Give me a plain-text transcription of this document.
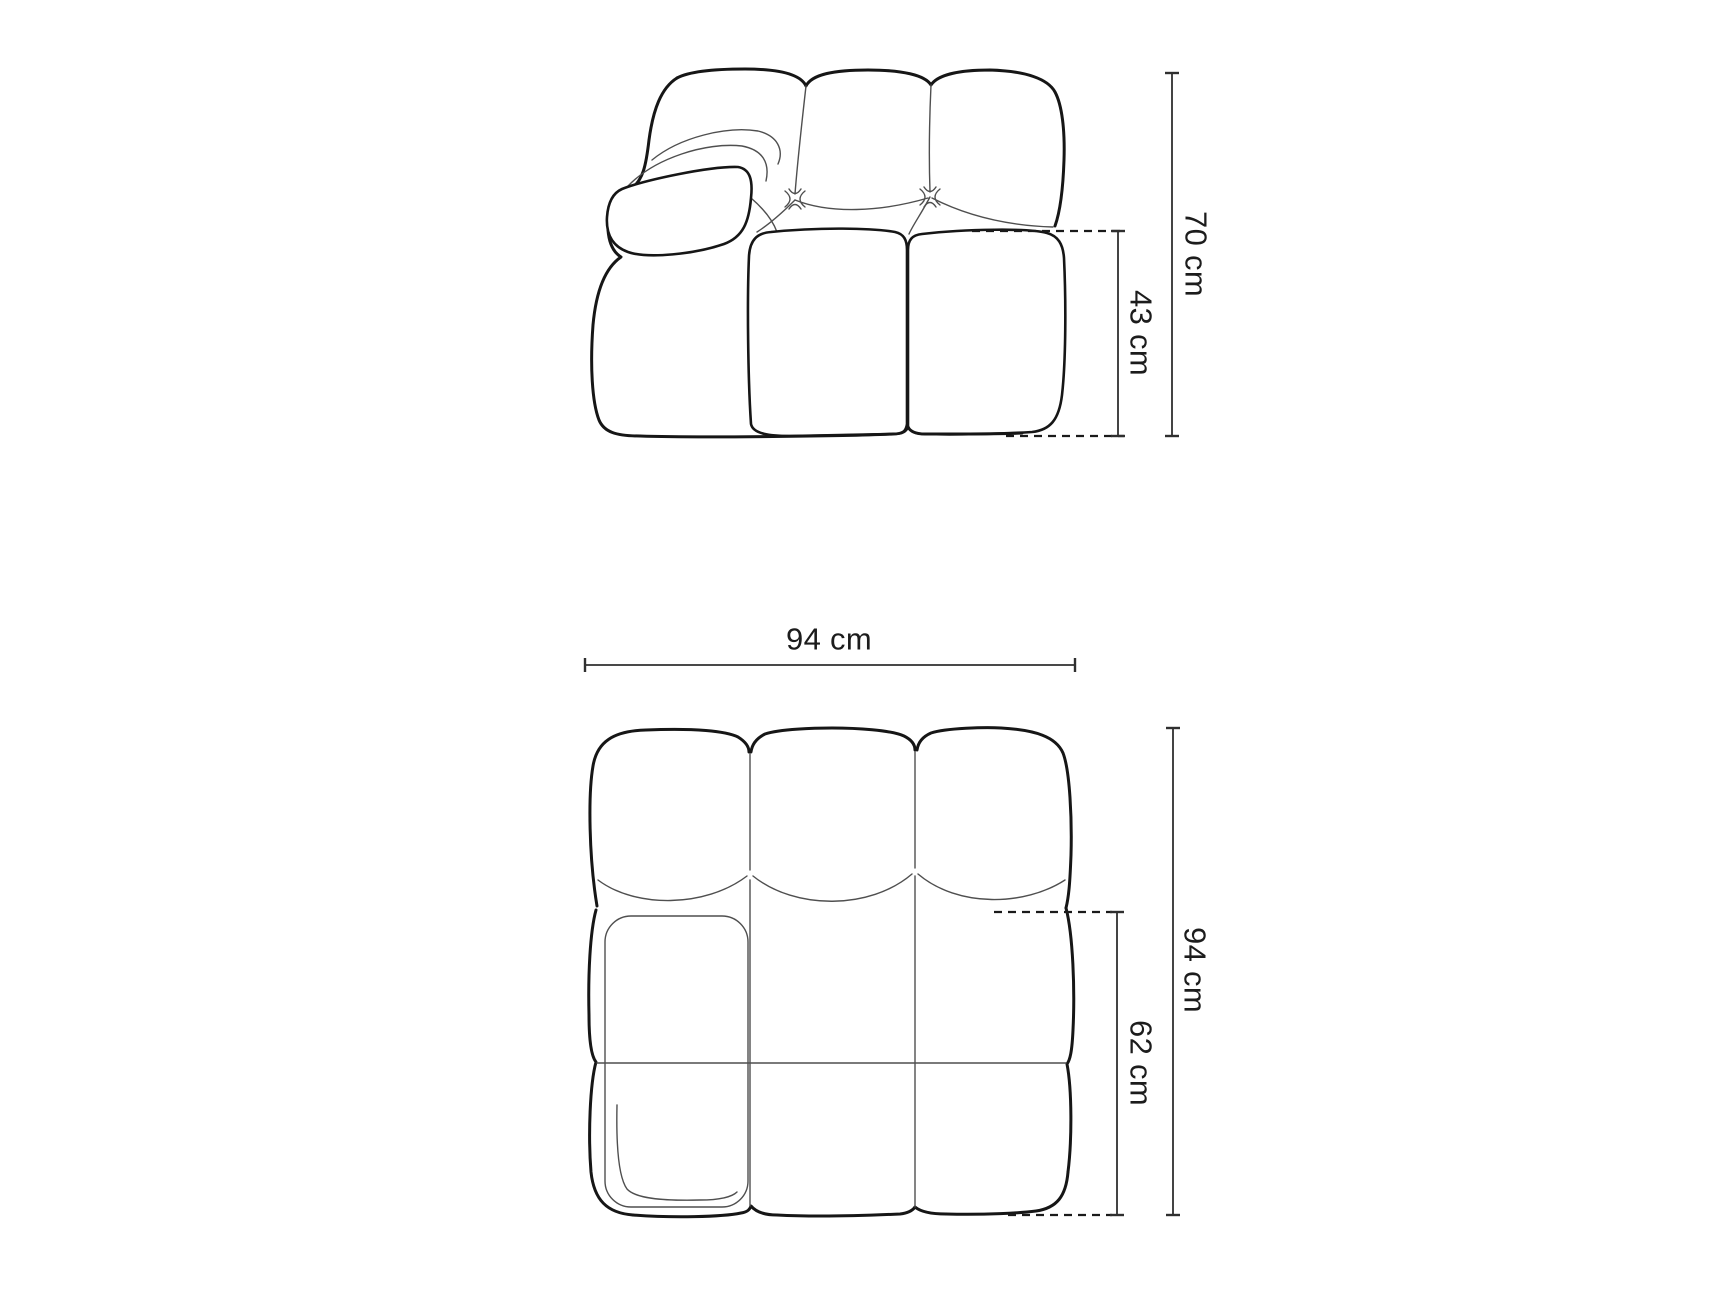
70 cm
43 cm
94 cm
94 cm
62 cm
